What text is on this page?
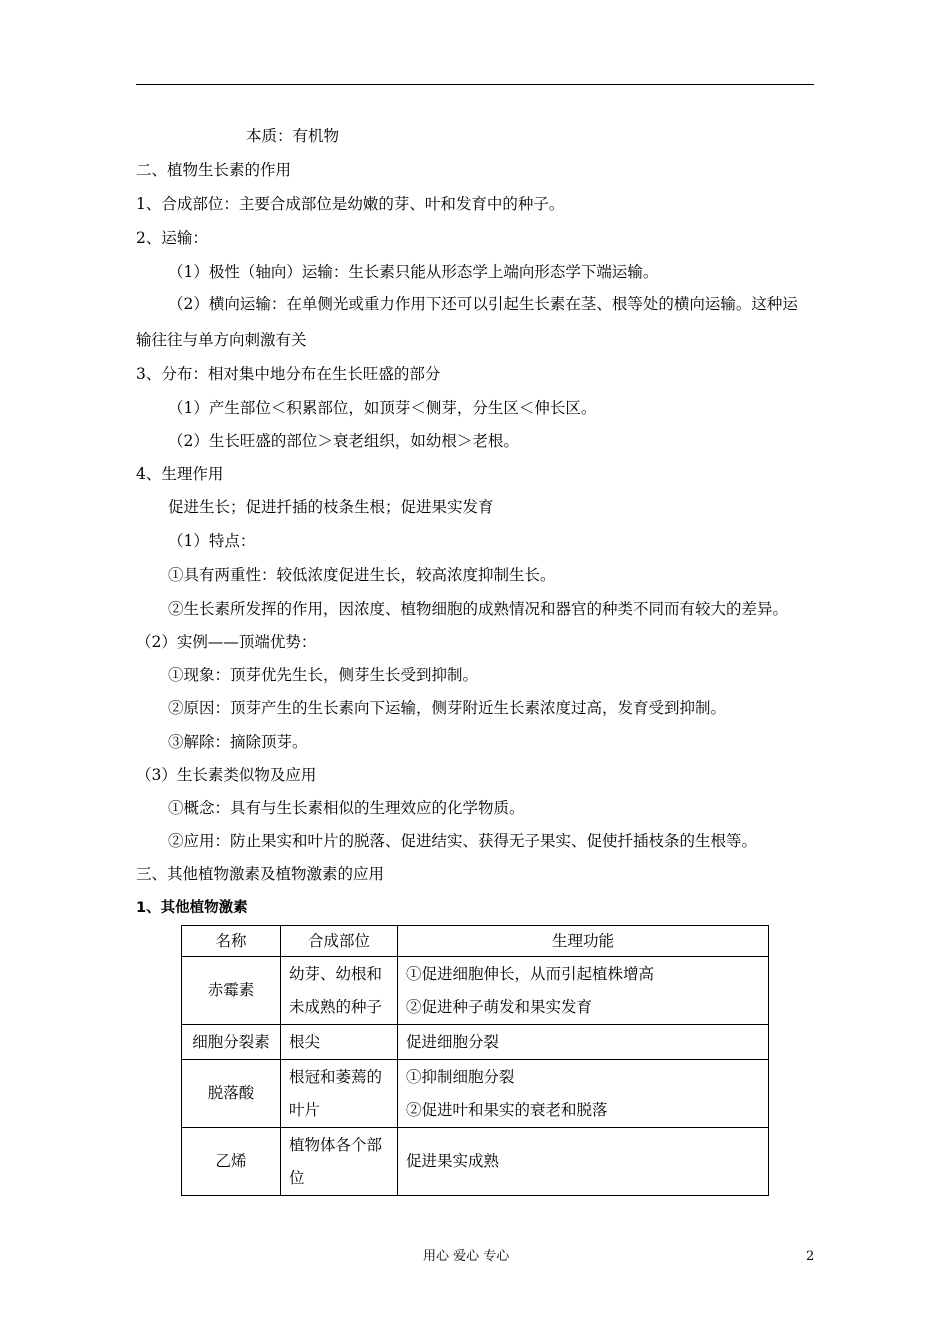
本质：有机物
二、植物生长素的作用
1、合成部位：主要合成部位是幼嫩的芽、叶和发育中的种子。
2、运输：
（1）极性（轴向）运输：生长素只能从形态学上端向形态学下端运输。
（2）横向运输：在单侧光或重力作用下还可以引起生长素在茎、根等处的横向运输。这种运
输往往与单方向刺激有关
3、分布：相对集中地分布在生长旺盛的部分
（1）产生部位＜积累部位，如顶芽＜侧芽，分生区＜伸长区。
（2）生长旺盛的部位＞衰老组织，如幼根＞老根。
4、生理作用
促进生长；促进扦插的枝条生根；促进果实发育
（1）特点：
①具有两重性：较低浓度促进生长，较高浓度抑制生长。
②生长素所发挥的作用，因浓度、植物细胞的成熟情况和器官的种类不同而有较大的差异。
（2）实例——顶端优势：
①现象：顶芽优先生长，侧芽生长受到抑制。
②原因：顶芽产生的生长素向下运输，侧芽附近生长素浓度过高，发育受到抑制。
③解除：摘除顶芽。
（3）生长素类似物及应用
①概念：具有与生长素相似的生理效应的化学物质。
②应用：防止果实和叶片的脱落、促进结实、获得无子果实、促使扦插枝条的生根等。
三、其他植物激素及植物激素的应用
1、其他植物激素
名称	合成部位	生理功能
赤霉素	幼芽、幼根和未成熟的种子	①促进细胞伸长，从而引起植株增高
②促进种子萌发和果实发育

细胞分裂素	根尖	促进细胞分裂

脱落酸	根冠和萎蔫的叶片	①抑制细胞分裂
②促进叶和果实的衰老和脱落

乙烯	植物体各个部位	促进果实成熟
用心 爱心 专心	2
